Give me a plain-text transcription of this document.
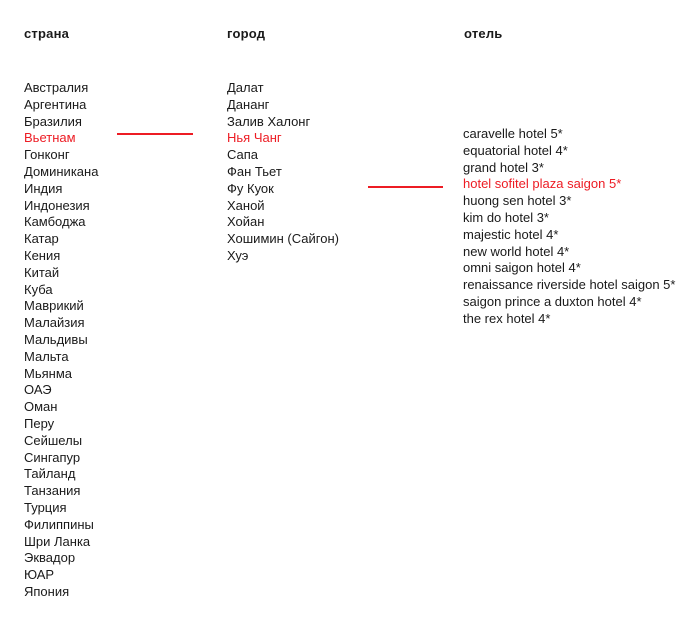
страна	город	отель
Австралия
Аргентина
Бразилия
Вьетнам
Гонконг
Доминикана
Индия
Индонезия
Камбоджа
Катар
Кения
Китай
Куба
Маврикий
Малайзия
Мальдивы
Мальта
Мьянма
ОАЭ
Оман
Перу
Сейшелы
Сингапур
Тайланд
Танзания
Турция
Филиппины
Шри Ланка
Эквадор
ЮАР
Япония
Далат
Дананг
Залив Халонг
Нья Чанг
Сапа
Фан Тьет
Фу Куок
Ханой
Хойан
Хошимин (Сайгон)
Хуэ
caravelle hotel 5*
equatorial hotel 4*
grand hotel 3*
hotel sofitel plaza saigon 5*
huong sen hotel 3*
kim do hotel 3*
majestic hotel 4*
new world hotel 4*
omni saigon hotel 4*
renaissance riverside hotel saigon 5*
saigon prince a duxton hotel 4*
the rex hotel 4*
